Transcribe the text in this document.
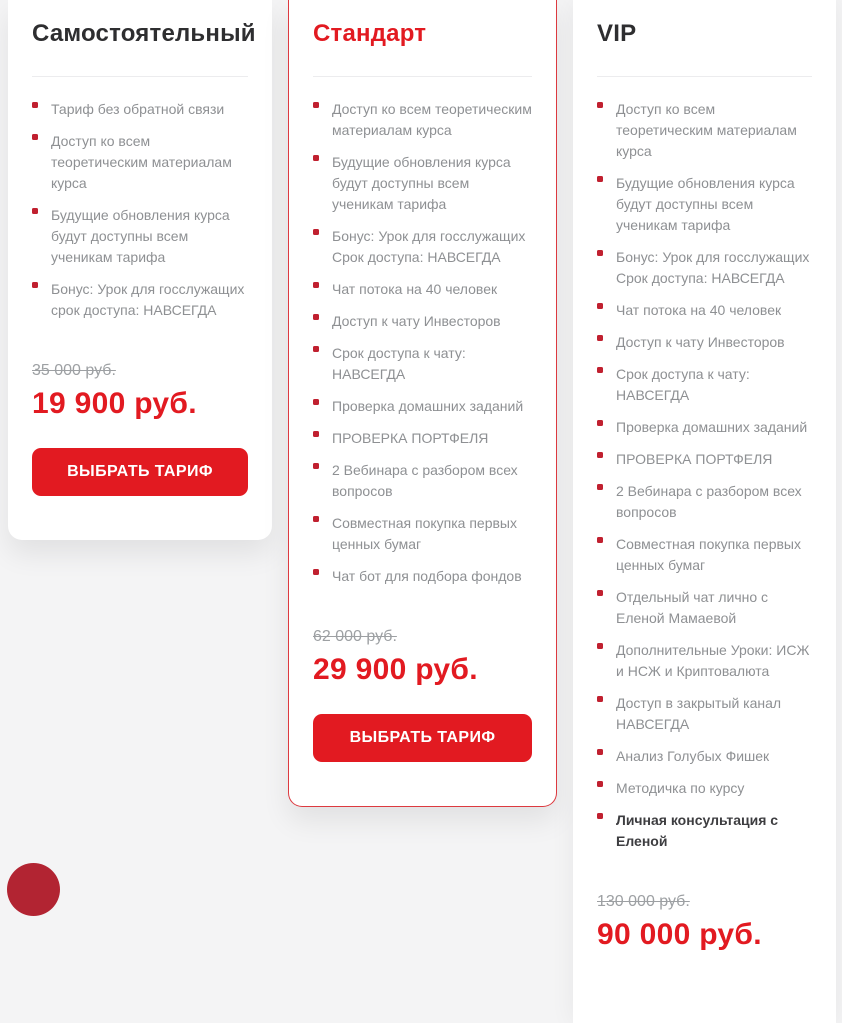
Самостоятельный
Тариф без обратной связи
Доступ ко всем теоретическим материалам курса
Будущие обновления курса будут доступны всем ученикам тарифа
Бонус: Урок для госслужащих срок доступа: НАВСЕГДА
35 000 руб.
19 900 руб.
ВЫБРАТЬ ТАРИФ
Стандарт
Доступ ко всем теоретическим материалам курса
Будущие обновления курса будут доступны всем ученикам тарифа
Бонус: Урок для госслужащих Срок доступа: НАВСЕГДА
Чат потока на 40 человек
Доступ к чату Инвесторов
Срок доступа к чату: НАВСЕГДА
Проверка домашних заданий
ПРОВЕРКА ПОРТФЕЛЯ
2 Вебинара с разбором всех вопросов
Совместная покупка первых ценных бумаг
Чат бот для подбора фондов
62 000 руб.
29 900 руб.
ВЫБРАТЬ ТАРИФ
VIP
Доступ ко всем теоретическим материалам курса
Будущие обновления курса будут доступны всем ученикам тарифа
Бонус: Урок для госслужащих Срок доступа: НАВСЕГДА
Чат потока на 40 человек
Доступ к чату Инвесторов
Срок доступа к чату: НАВСЕГДА
Проверка домашних заданий
ПРОВЕРКА ПОРТФЕЛЯ
2 Вебинара с разбором всех вопросов
Совместная покупка первых ценных бумаг
Отдельный чат лично с Еленой Мамаевой
Дополнительные Уроки: ИСЖ и НСЖ и Криптовалюта
Доступ в закрытый канал НАВСЕГДА
Анализ Голубых Фишек
Методичка по курсу
Личная консультация с Еленой
130 000 руб.
90 000 руб.
